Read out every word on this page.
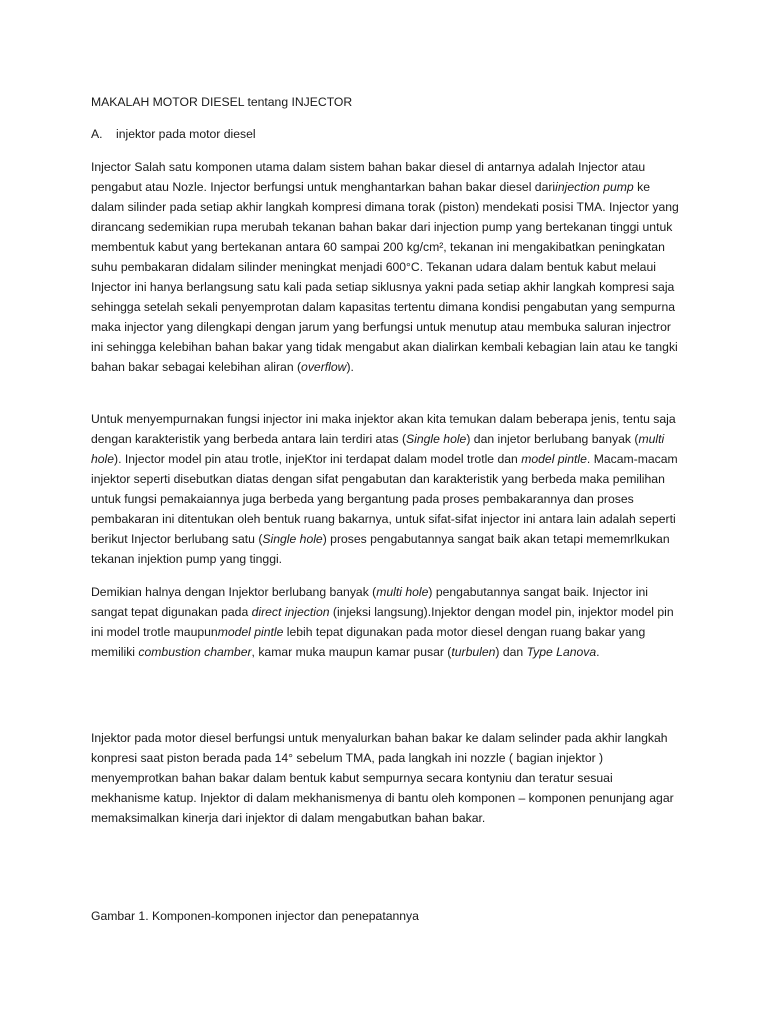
MAKALAH MOTOR DIESEL tentang INJECTOR

A. injektor pada motor diesel

Injector Salah satu komponen utama dalam sistem bahan bakar diesel di antarnya adalah Injector atau pengabut atau Nozle. Injector berfungsi untuk menghantarkan bahan bakar diesel dariinjection pump ke dalam silinder pada setiap akhir langkah kompresi dimana torak (piston) mendekati posisi TMA. Injector yang dirancang sedemikian rupa merubah tekanan bahan bakar dari injection pump yang bertekanan tinggi untuk membentuk kabut yang bertekanan antara 60 sampai 200 kg/cm², tekanan ini mengakibatkan peningkatan suhu pembakaran didalam silinder meningkat menjadi 600°C. Tekanan udara dalam bentuk kabut melaui Injector ini hanya berlangsung satu kali pada setiap siklusnya yakni pada setiap akhir langkah kompresi saja sehingga setelah sekali penyemprotan dalam kapasitas tertentu dimana kondisi pengabutan yang sempurna maka injector yang dilengkapi dengan jarum yang berfungsi untuk menutup atau membuka saluran injectror ini sehingga kelebihan bahan bakar yang tidak mengabut akan dialirkan kembali kebagian lain atau ke tangki bahan bakar sebagai kelebihan aliran (overflow).

Untuk menyempurnakan fungsi injector ini maka injektor akan kita temukan dalam beberapa jenis, tentu saja dengan karakteristik yang berbeda antara lain terdiri atas (Single hole) dan injetor berlubang banyak (multi hole). Injector model pin atau trotle, injeKtor ini terdapat dalam model trotle dan model pintle. Macam-macam injektor seperti disebutkan diatas dengan sifat pengabutan dan karakteristik yang berbeda maka pemilihan untuk fungsi pemakaiannya juga berbeda yang bergantung pada proses pembakarannya dan proses pembakaran ini ditentukan oleh bentuk ruang bakarnya, untuk sifat-sifat injector ini antara lain adalah seperti berikut Injector berlubang satu (Single hole) proses pengabutannya sangat baik akan tetapi mememrlkukan tekanan injektion pump yang tinggi.

Demikian halnya dengan Injektor berlubang banyak (multi hole) pengabutannya sangat baik. Injector ini sangat tepat digunakan pada direct injection (injeksi langsung).Injektor dengan model pin, injektor model pin ini model trotle maupunmodel pintle lebih tepat digunakan pada motor diesel dengan ruang bakar yang memiliki combustion chamber, kamar muka maupun kamar pusar (turbulen) dan Type Lanova.

Injektor pada motor diesel berfungsi untuk menyalurkan bahan bakar ke dalam selinder pada akhir langkah konpresi saat piston berada pada 14° sebelum TMA, pada langkah ini nozzle ( bagian injektor ) menyemprotkan bahan bakar dalam bentuk kabut sempurnya secara kontyniu dan teratur sesuai mekhanisme katup. Injektor di dalam mekhanismenya di bantu oleh komponen – komponen penunjang agar memaksimalkan kinerja dari injektor di dalam mengabutkan bahan bakar.

Gambar 1. Komponen-komponen injector dan penepatannya
